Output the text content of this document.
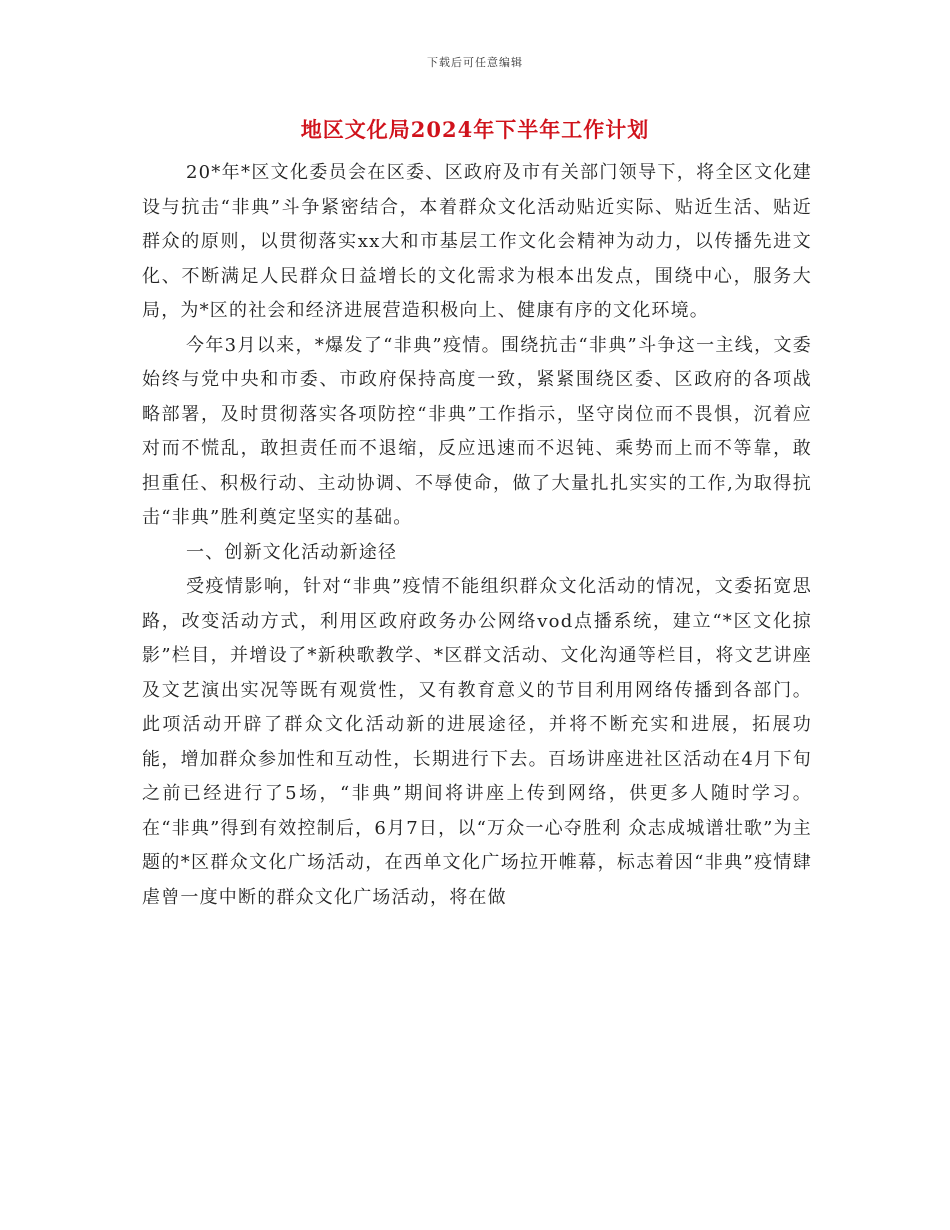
下载后可任意编辑
地区文化局2024年下半年工作计划

20*年*区文化委员会在区委、区政府及市有关部门领导下，将全区文化建设与抗击“非典”斗争紧密结合，本着群众文化活动贴近实际、贴近生活、贴近群众的原则，以贯彻落实xx大和市基层工作文化会精神为动力，以传播先进文化、不断满足人民群众日益增长的文化需求为根本出发点，围绕中心，服务大局，为*区的社会和经济进展营造积极向上、健康有序的文化环境。

今年3月以来，*爆发了“非典”疫情。围绕抗击“非典”斗争这一主线，文委始终与党中央和市委、市政府保持高度一致，紧紧围绕区委、区政府的各项战略部署，及时贯彻落实各项防控“非典”工作指示，坚守岗位而不畏惧，沉着应对而不慌乱，敢担责任而不退缩，反应迅速而不迟钝、乘势而上而不等靠，敢担重任、积极行动、主动协调、不辱使命，做了大量扎扎实实的工作,为取得抗击“非典”胜利奠定坚实的基础。

一、创新文化活动新途径

受疫情影响，针对“非典”疫情不能组织群众文化活动的情况，文委拓宽思路，改变活动方式，利用区政府政务办公网络vod点播系统，建立“*区文化掠影”栏目，并增设了*新秧歌教学、*区群文活动、文化沟通等栏目，将文艺讲座及文艺演出实况等既有观赏性，又有教育意义的节目利用网络传播到各部门。此项活动开辟了群众文化活动新的进展途径，并将不断充实和进展，拓展功能，增加群众参加性和互动性，长期进行下去。百场讲座进社区活动在4月下旬之前已经进行了5场，“非典”期间将讲座上传到网络，供更多人随时学习。在“非典”得到有效控制后，6月7日，以“万众一心夺胜利 众志成城谱壮歌”为主题的*区群众文化广场活动，在西单文化广场拉开帷幕，标志着因“非典”疫情肆虐曾一度中断的群众文化广场活动，将在做
